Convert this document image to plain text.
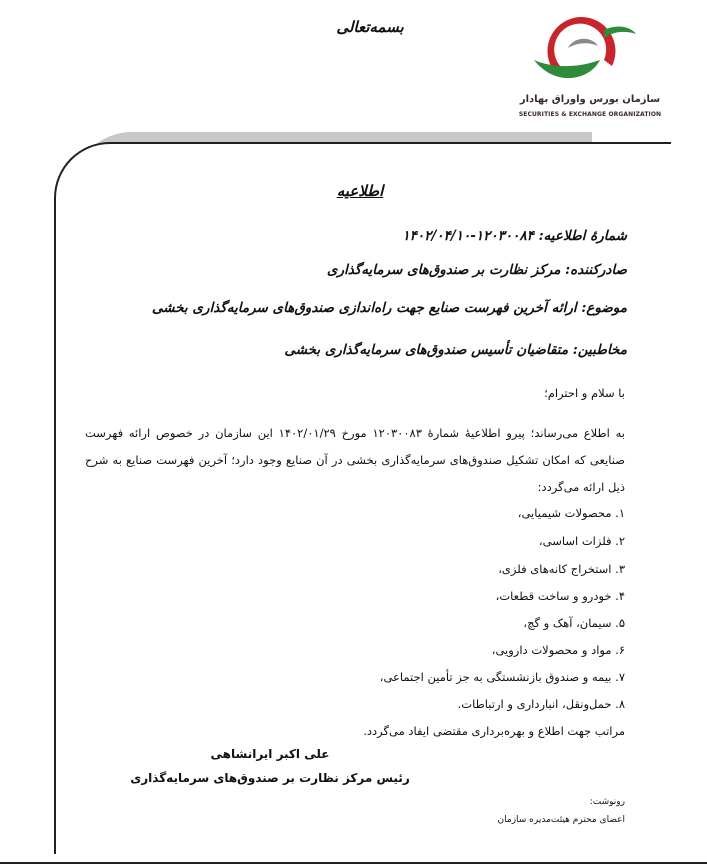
بسمه‌تعالی
سازمان بورس واوراق بهادار
SECURITIES & EXCHANGE ORGANIZATION
اطلاعیه
شمارۀ اطلاعیه: ۱۲۰۳۰۰۸۴-۱۴۰۲/۰۴/۱۰
صادرکننده: مرکز نظارت بر صندوق‌های سرمایه‌گذاری
موضوع: ارائه آخرین فهرست صنایع جهت راه‌اندازی صندوق‌های سرمایه‌گذاری بخشی
مخاطبین: متقاضیان تأسیس صندوق‌های سرمایه‌گذاری بخشی
با سلام و احترام؛
به اطلاع می‌رساند؛ پیرو اطلاعیۀ شمارۀ ۱۲۰۳۰۰۸۳ مورخ ۱۴۰۲/۰۱/۲۹ این سازمان در خصوص ارائه فهرست صنایعی که امکان تشکیل صندوق‌های سرمایه‌گذاری بخشی در آن صنایع وجود دارد؛ آخرین فهرست صنایع به شرح ذیل ارائه می‌گردد:
۱. محصولات شیمیایی،
۲. فلزات اساسی،
۳. استخراج کانه‌های فلزی،
۴. خودرو و ساخت قطعات،
۵. سیمان، آهک و گچ،
۶. مواد و محصولات دارویی،
۷. بیمه و صندوق بازنشستگی به جز تأمین اجتماعی،
۸. حمل‌ونقل، انبارداری و ارتباطات.
مراتب جهت اطلاع و بهره‌برداری مقتضی ایفاد می‌گردد.
علی اکبر ایرانشاهی
رئیس مرکز نظارت بر صندوق‌های سرمایه‌گذاری
رونوشت:
اعضای محترم هیئت‌مدیره سازمان
